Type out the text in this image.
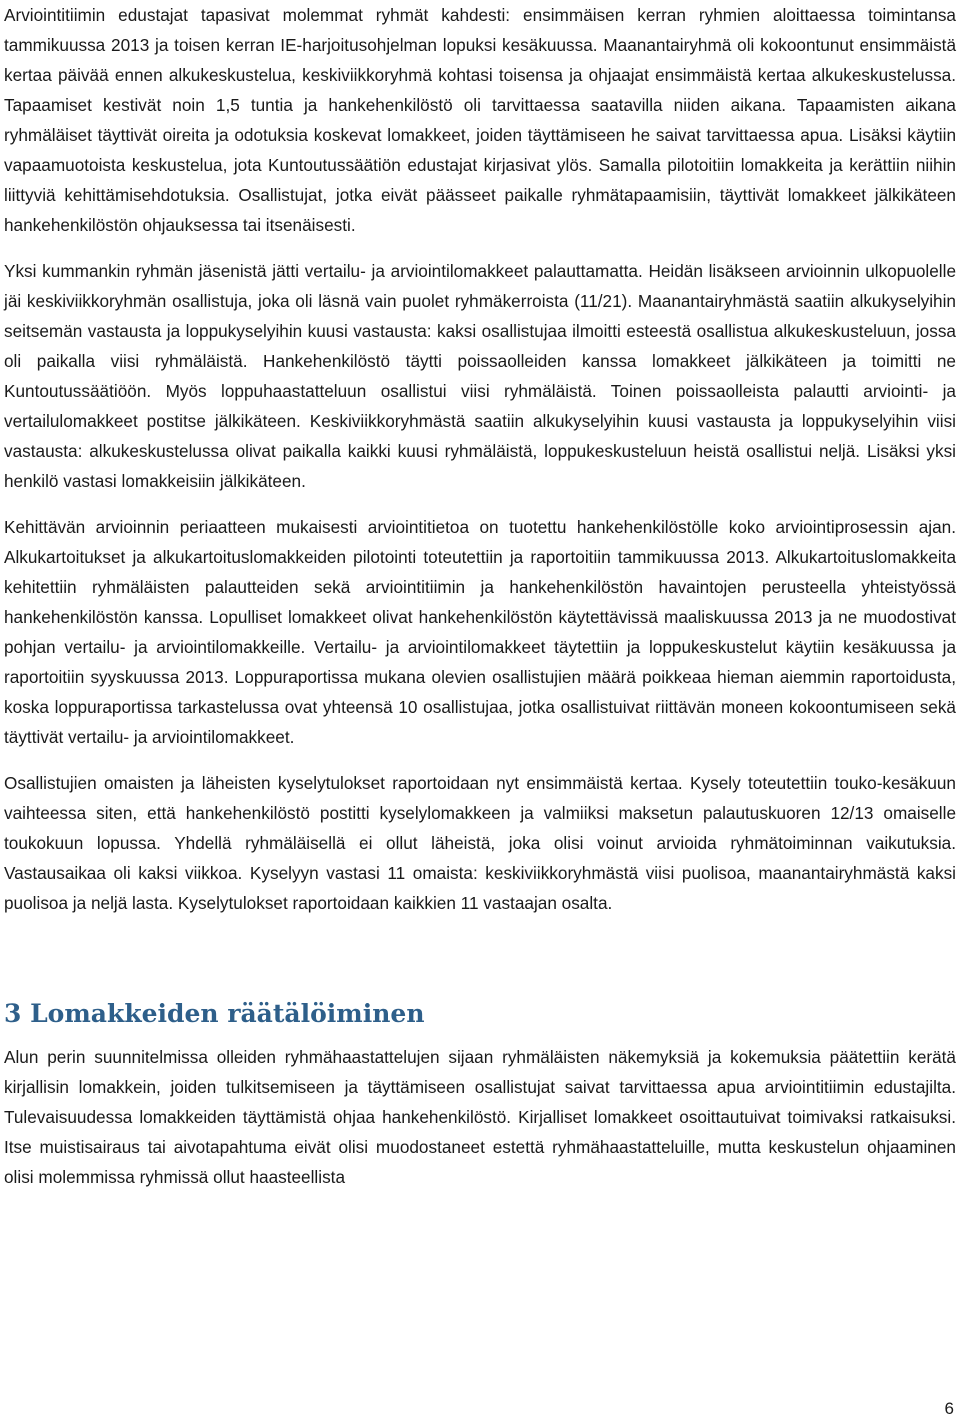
Arviointitiimin edustajat tapasivat molemmat ryhmät kahdesti: ensimmäisen kerran ryhmien aloittaessa toimintansa tammikuussa 2013 ja toisen kerran IE-harjoitusohjelman lopuksi kesäkuussa. Maanantairyhmä oli kokoontunut ensimmäistä kertaa päivää ennen alkukeskustelua, keskiviikkoryhmä kohtasi toisensa ja ohjaajat ensimmäistä kertaa alkukeskustelussa. Tapaamiset kestivät noin 1,5 tuntia ja hankehenkilöstö oli tarvittaessa saatavilla niiden aikana. Tapaamisten aikana ryhmäläiset täyttivät oireita ja odotuksia koskevat lomakkeet, joiden täyttämiseen he saivat tarvittaessa apua. Lisäksi käytiin vapaamuotoista keskustelua, jota Kuntoutussäätiön edustajat kirjasivat ylös. Samalla pilotoitiin lomakkeita ja kerättiin niihin liittyviä kehittämisehdotuksia. Osallistujat, jotka eivät päässeet paikalle ryhmätapaamisiin, täyttivät lomakkeet jälkikäteen hankehenkilöstön ohjauksessa tai itsenäisesti.

Yksi kummankin ryhmän jäsenistä jätti vertailu- ja arviointilomakkeet palauttamatta. Heidän lisäkseen arvioinnin ulkopuolelle jäi keskiviikkoryhmän osallistuja, joka oli läsnä vain puolet ryhmäkerroista (11/21). Maanantairyhmästä saatiin alkukyselyihin seitsemän vastausta ja loppukyselyihin kuusi vastausta: kaksi osallistujaa ilmoitti esteestä osallistua alkukeskusteluun, jossa oli paikalla viisi ryhmäläistä. Hankehenkilöstö täytti poissaolleiden kanssa lomakkeet jälkikäteen ja toimitti ne Kuntoutussäätiöön. Myös loppuhaastatteluun osallistui viisi ryhmäläistä. Toinen poissaolleista palautti arviointi- ja vertailulomakkeet postitse jälkikäteen. Keskiviikkoryhmästä saatiin alkukyselyihin kuusi vastausta ja loppukyselyihin viisi vastausta: alkukeskustelussa olivat paikalla kaikki kuusi ryhmäläistä, loppukeskusteluun heistä osallistui neljä. Lisäksi yksi henkilö vastasi lomakkeisiin jälkikäteen.

Kehittävän arvioinnin periaatteen mukaisesti arviointitietoa on tuotettu hankehenkilöstölle koko arviointiprosessin ajan. Alkukartoitukset ja alkukartoituslomakkeiden pilotointi toteutettiin ja raportoitiin tammikuussa 2013. Alkukartoituslomakkeita kehitettiin ryhmäläisten palautteiden sekä arviointitiimin ja hankehenkilöstön havaintojen perusteella yhteistyössä hankehenkilöstön kanssa. Lopulliset lomakkeet olivat hankehenkilöstön käytettävissä maaliskuussa 2013 ja ne muodostivat pohjan vertailu- ja arviointilomakkeille. Vertailu- ja arviointilomakkeet täytettiin ja loppukeskustelut käytiin kesäkuussa ja raportoitiin syyskuussa 2013. Loppuraportissa mukana olevien osallistujien määrä poikkeaa hieman aiemmin raportoidusta, koska loppuraportissa tarkastelussa ovat yhteensä 10 osallistujaa, jotka osallistuivat riittävän moneen kokoontumiseen sekä täyttivät vertailu- ja arviointilomakkeet.

Osallistujien omaisten ja läheisten kyselytulokset raportoidaan nyt ensimmäistä kertaa. Kysely toteutettiin touko-kesäkuun vaihteessa siten, että hankehenkilöstö postitti kyselylomakkeen ja valmiiksi maksetun palautuskuoren 12/13 omaiselle toukokuun lopussa. Yhdellä ryhmäläisellä ei ollut läheistä, joka olisi voinut arvioida ryhmätoiminnan vaikutuksia. Vastausaikaa oli kaksi viikkoa. Kyselyyn vastasi 11 omaista: keskiviikkoryhmästä viisi puolisoa, maanantairyhmästä kaksi puolisoa ja neljä lasta. Kyselytulokset raportoidaan kaikkien 11 vastaajan osalta.

3 Lomakkeiden räätälöiminen

Alun perin suunnitelmissa olleiden ryhmähaastattelujen sijaan ryhmäläisten näkemyksiä ja kokemuksia päätettiin kerätä kirjallisin lomakkein, joiden tulkitsemiseen ja täyttämiseen osallistujat saivat tarvittaessa apua arviointitiimin edustajilta. Tulevaisuudessa lomakkeiden täyttämistä ohjaa hankehenkilöstö. Kirjalliset lomakkeet osoittautuivat toimivaksi ratkaisuksi. Itse muistisairaus tai aivotapahtuma eivät olisi muodostaneet estettä ryhmähaastatteluille, mutta keskustelun ohjaaminen olisi molemmissa ryhmissä ollut haasteellista

6
